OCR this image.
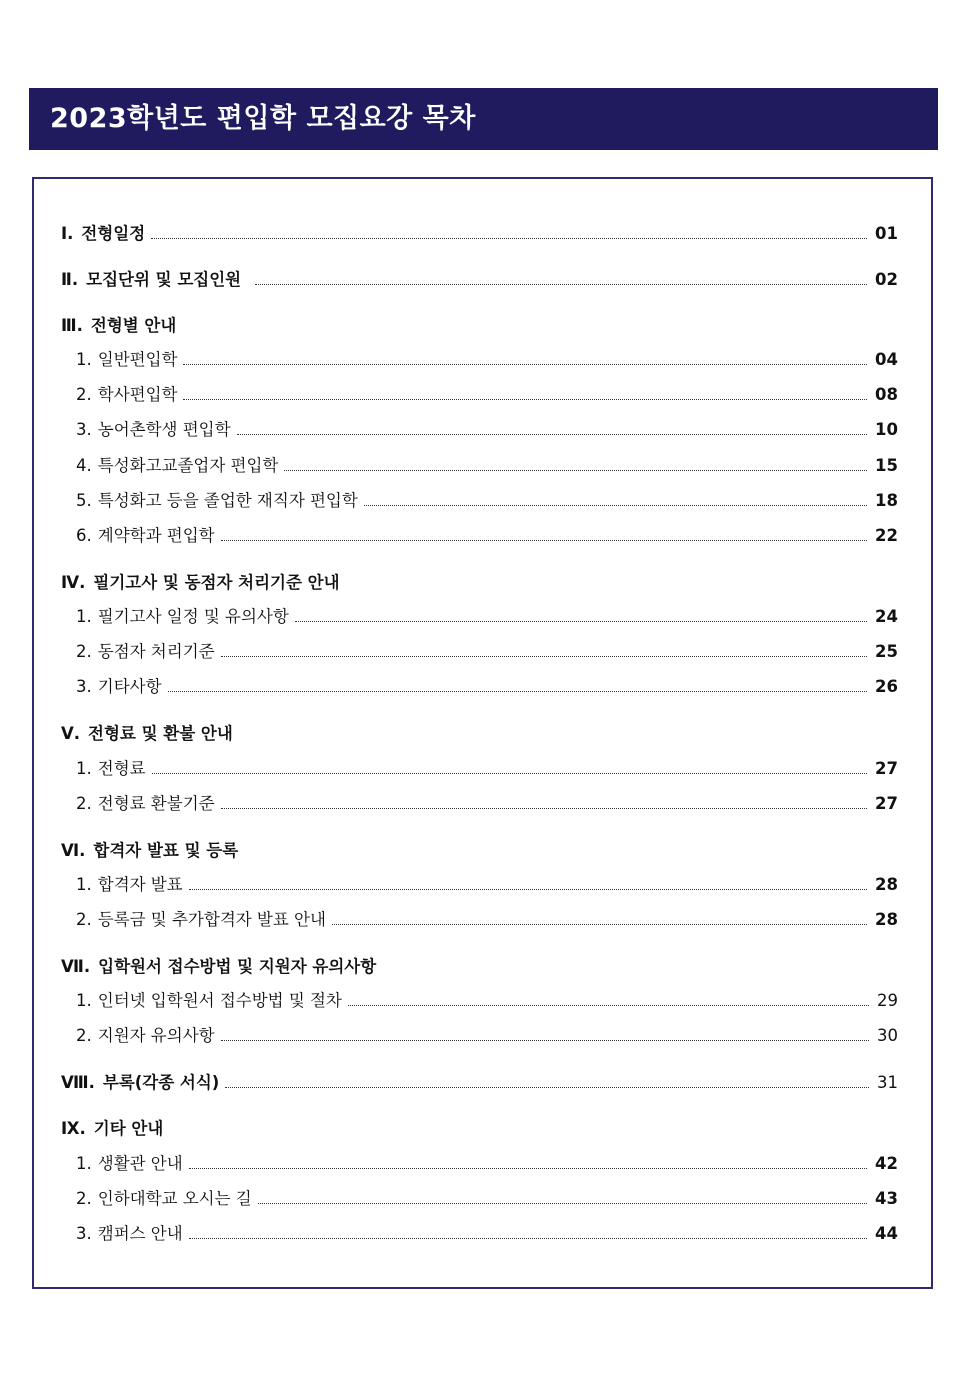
2023학년도 편입학 모집요강 목차
Ⅰ. 전형일정	01
Ⅱ. 모집단위 및 모집인원	02
Ⅲ. 전형별 안내
1. 일반편입학	04
2. 학사편입학	08
3. 농어촌학생 편입학	10
4. 특성화고교졸업자 편입학	15
5. 특성화고 등을 졸업한 재직자 편입학	18
6. 계약학과 편입학	22
Ⅳ. 필기고사 및 동점자 처리기준 안내
1. 필기고사 일정 및 유의사항	24
2. 동점자 처리기준	25
3. 기타사항	26
Ⅴ. 전형료 및 환불 안내
1. 전형료	27
2. 전형료 환불기준	27
Ⅵ. 합격자 발표 및 등록
1. 합격자 발표	28
2. 등록금 및 추가합격자 발표 안내	28
Ⅶ. 입학원서 접수방법 및 지원자 유의사항
1. 인터넷 입학원서 접수방법 및 절차	29
2. 지원자 유의사항	30
Ⅷ. 부록(각종 서식)	31
Ⅸ. 기타 안내
1. 생활관 안내	42
2. 인하대학교 오시는 길	43
3. 캠퍼스 안내	44
